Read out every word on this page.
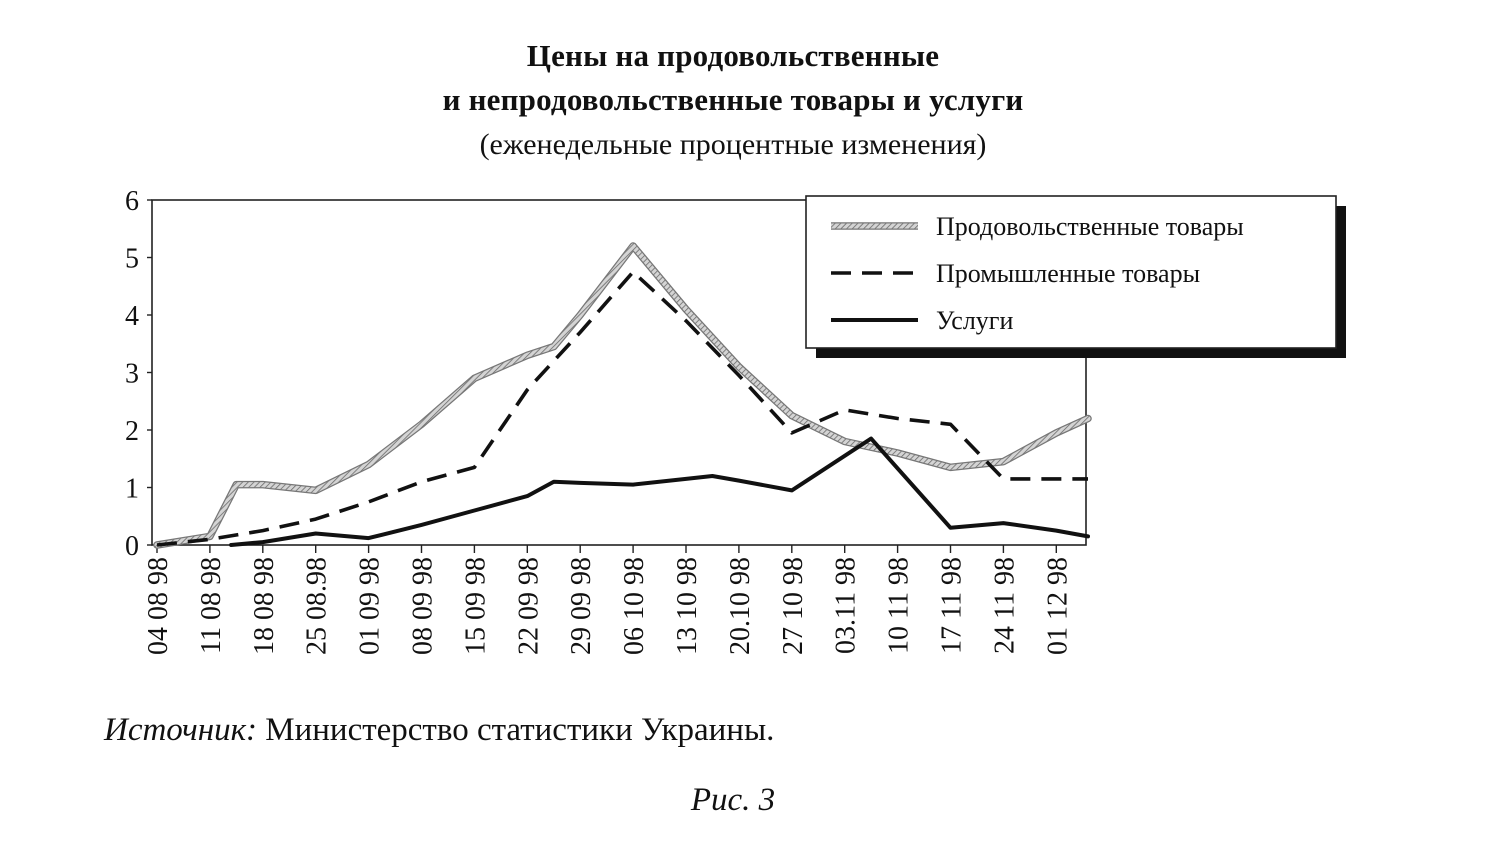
Цены на продовольственные
и непродовольственные товары и услуги
(еженедельные процентные изменения)
0
1
2
3
4
5
6
04 08 98 11 08 98 18 08 98 25 08.98 01 09 98 08 09 98 15 09 98 22 09 98 29 09 98 06 10 98 13 10 98 20.10 98 27 10 98 03.11 98 10 11 98 17 11 98 24 11 98 01 12 98
Продовольственные товары
Промышленные товары
Услуги
Источник: Министерство статистики Украины.
Рис. 3
